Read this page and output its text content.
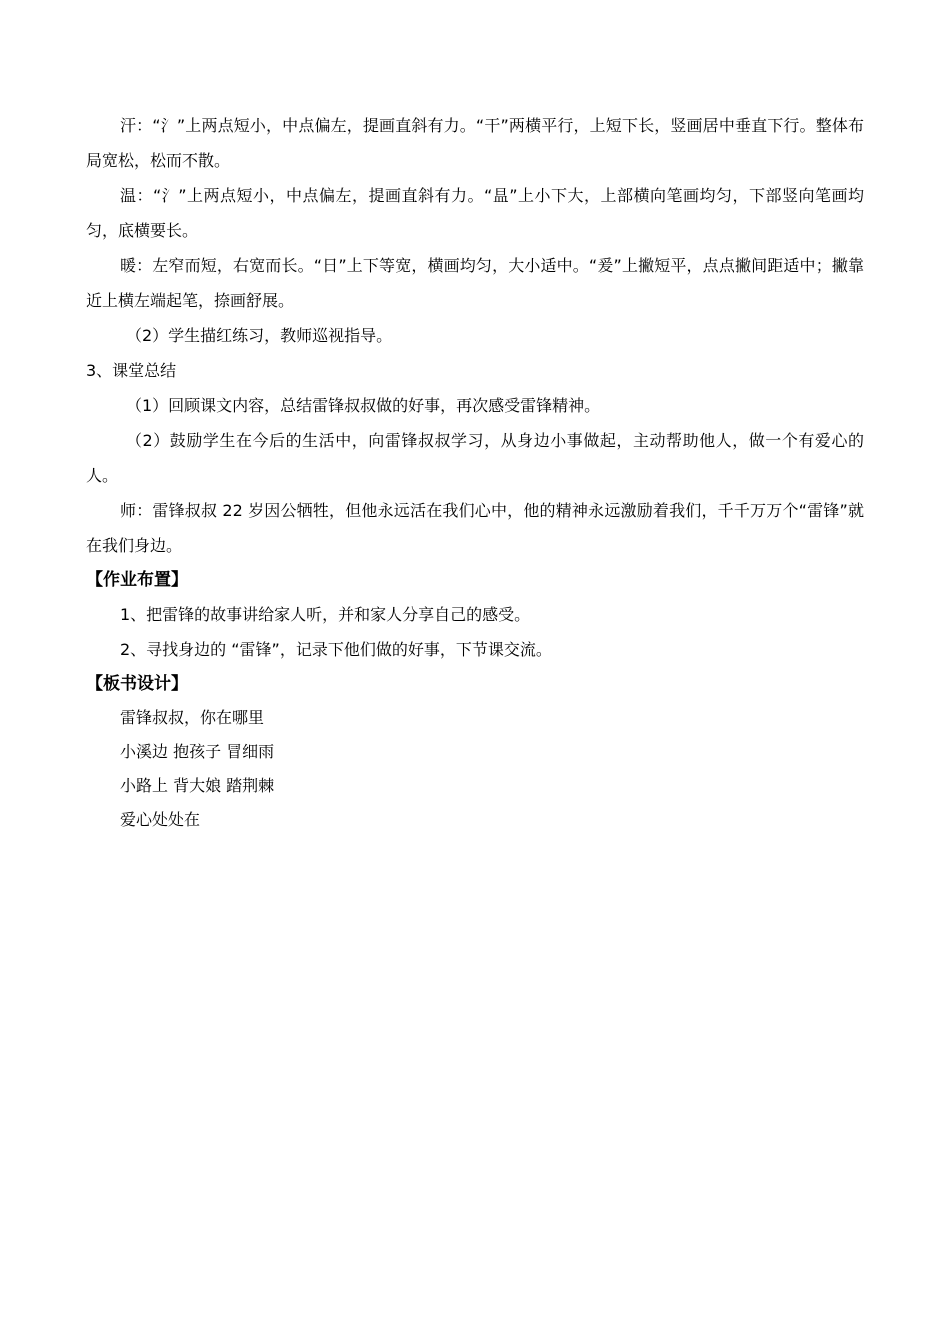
汗：“氵”上两点短小，中点偏左，提画直斜有力。“干”两横平行，上短下长，竖画居中垂直下行。整体布局宽松，松而不散。

温：“氵”上两点短小，中点偏左，提画直斜有力。“昷”上小下大，上部横向笔画均匀，下部竖向笔画均匀，底横要长。

暖：左窄而短，右宽而长。“日”上下等宽，横画均匀，大小适中。“爰”上撇短平，点点撇间距适中；撇靠近上横左端起笔，捺画舒展。

（2）学生描红练习，教师巡视指导。

3、课堂总结

（1）回顾课文内容，总结雷锋叔叔做的好事，再次感受雷锋精神。

（2）鼓励学生在今后的生活中，向雷锋叔叔学习，从身边小事做起，主动帮助他人，做一个有爱心的人。

师：雷锋叔叔 22 岁因公牺牲，但他永远活在我们心中，他的精神永远激励着我们，千千万万个“雷锋”就在我们身边。

【作业布置】

1、把雷锋的故事讲给家人听，并和家人分享自己的感受。

2、寻找身边的 “雷锋”，记录下他们做的好事，下节课交流。

【板书设计】

雷锋叔叔，你在哪里

小溪边 抱孩子 冒细雨

小路上 背大娘 踏荆棘

爱心处处在
